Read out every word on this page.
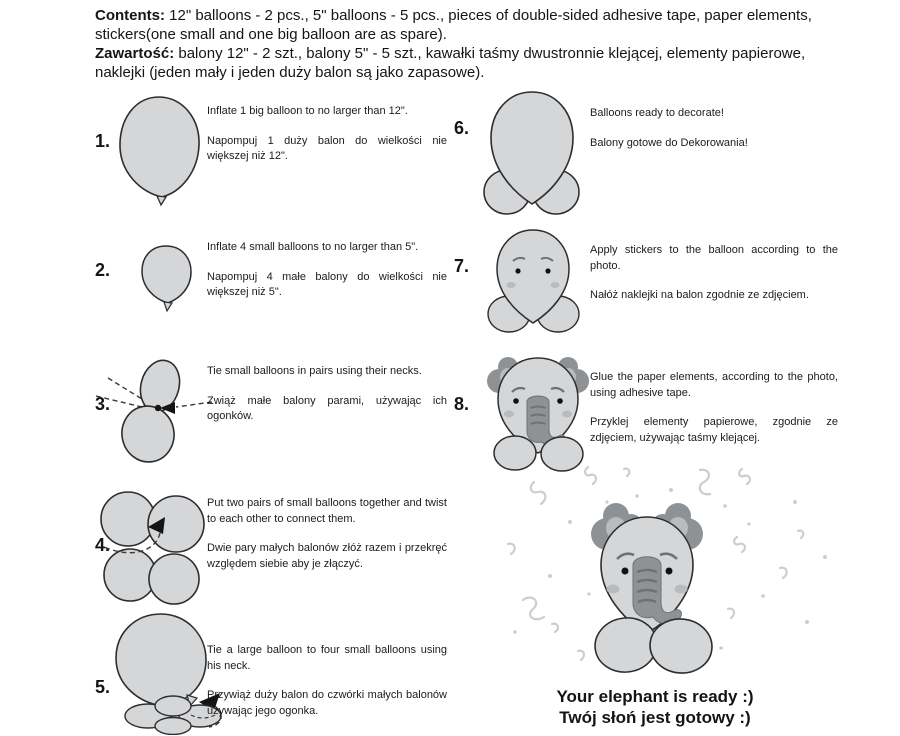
Contents: 12" balloons - 2 pcs., 5" balloons - 5 pcs., pieces of double-sided adhesive tape, paper elements,
stickers(one small and one big balloon are as spare).
Zawartość: balony 12" - 2 szt., balony 5" - 5 szt., kawałki taśmy dwustronnie klejącej, elementy papierowe,
naklejki (jeden mały i jeden duży balon są jako zapasowe).
1.

Inflate 1 big balloon to no larger than 12".

Napompuj 1 duży balon do wielkości nie większej niż 12".

2.

Inflate 4 small balloons to no larger than 5".

Napompuj 4 małe balony do wielkości nie większej niż 5".

3.

Tie small balloons in pairs using their necks.

Zwiąż małe balony parami, używając ich ogonków.

4.

Put two pairs of small balloons together and twist to each other to connect them.

Dwie pary małych balonów złóż razem i przekręć względem siebie aby je złączyć.

5.

Tie a large balloon to four small balloons using his neck.

Przywiąż duży balon do czwórki małych balonów używając jego ogonka.

6.

Balloons ready to decorate!

Balony gotowe do Dekorowania!

7.

Apply stickers to the balloon according to the photo.

Nałóż naklejki na balon zgodnie ze zdjęciem.

8.

Glue the paper elements, according to the photo, using adhesive tape.

Przyklej elementy papierowe, zgodnie ze zdjęciem, używając taśmy klejącej.

Your elephant is ready :)

Twój słoń jest gotowy :)
